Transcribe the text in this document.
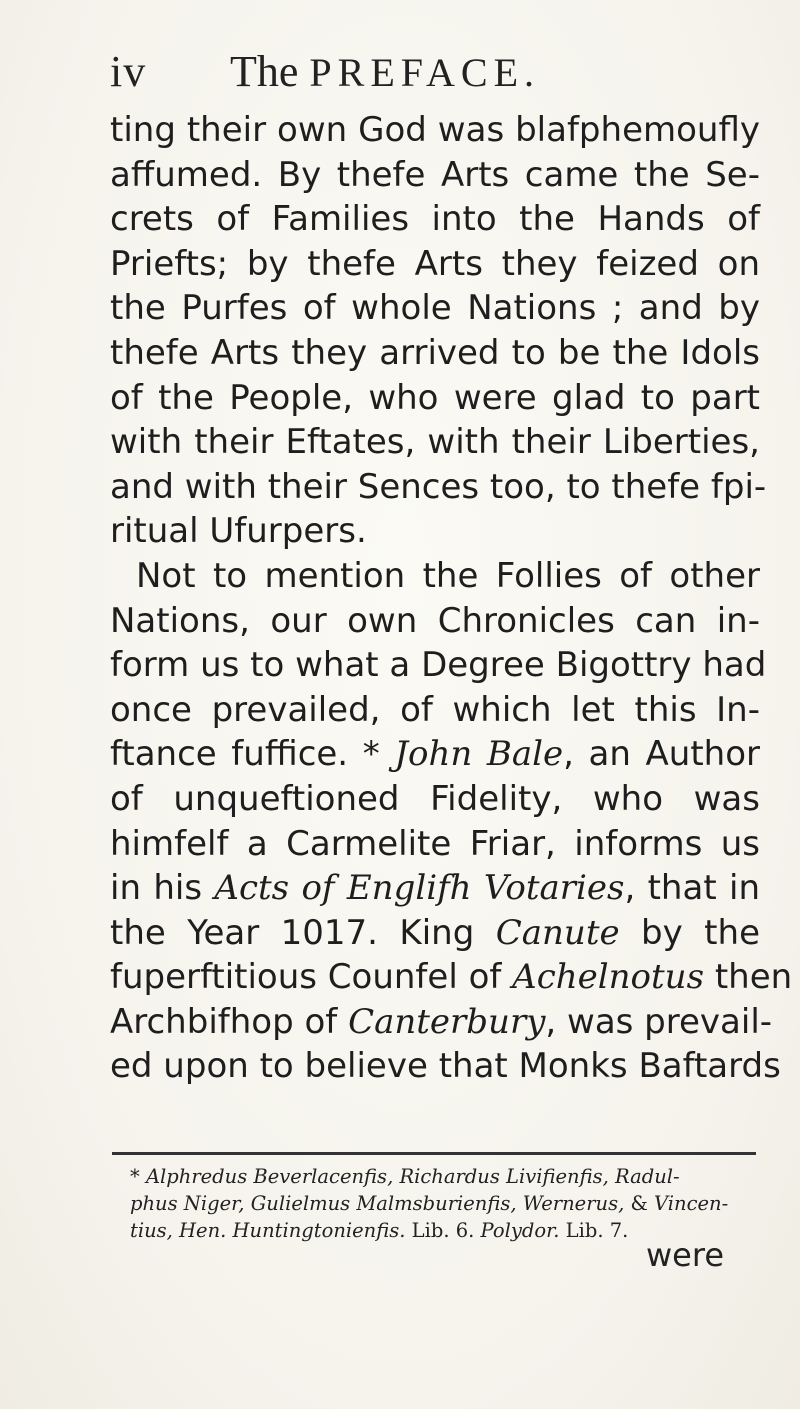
iv The PREFACE.
ting their own God was blafphemoufly
affumed. By thefe Arts came the Se-
crets of Families into the Hands of
Priefts; by thefe Arts they feized on
the Purfes of whole Nations ; and by
thefe Arts they arrived to be the Idols
of the People, who were glad to part
with their Eftates, with their Liberties,
and with their Sences too, to thefe fpi-
ritual Ufurpers.
Not to mention the Follies of other
Nations, our own Chronicles can in-
form us to what a Degree Bigottry had
once prevailed, of which let this In-
ftance fuffice. * John Bale, an Author
of unqueftioned Fidelity, who was
himfelf a Carmelite Friar, informs us
in his Acts of Englifh Votaries, that in
the Year 1017. King Canute by the
fuperftitious Counfel of Achelnotus then
Archbifhop of Canterbury, was prevail-
ed upon to believe that Monks Baftards
* Alphredus Beverlacenfis, Richardus Livifienfis, Radul-
phus Niger, Gulielmus Malmsburienfis, Wernerus, & Vincen-
tius, Hen. Huntingtonienfis. Lib. 6. Polydor. Lib. 7.
were
